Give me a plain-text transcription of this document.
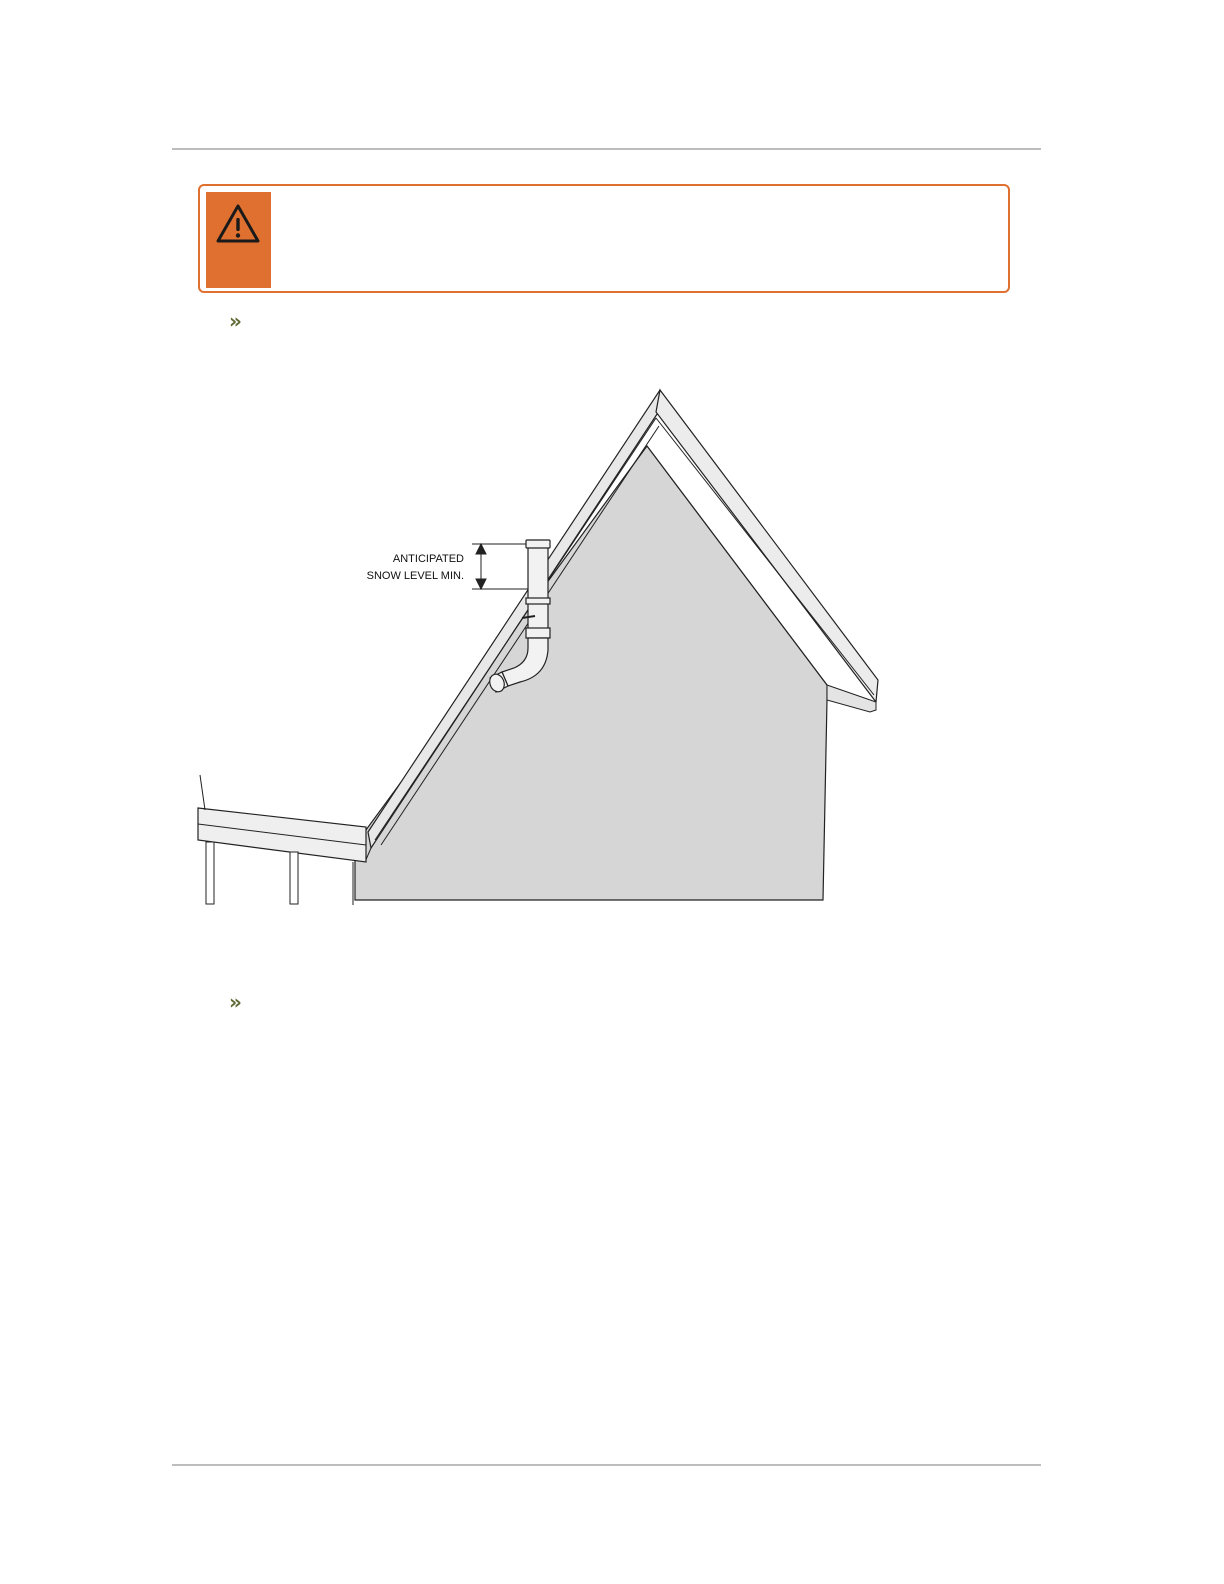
»
ANTICIPATED
SNOW LEVEL MIN.
»
